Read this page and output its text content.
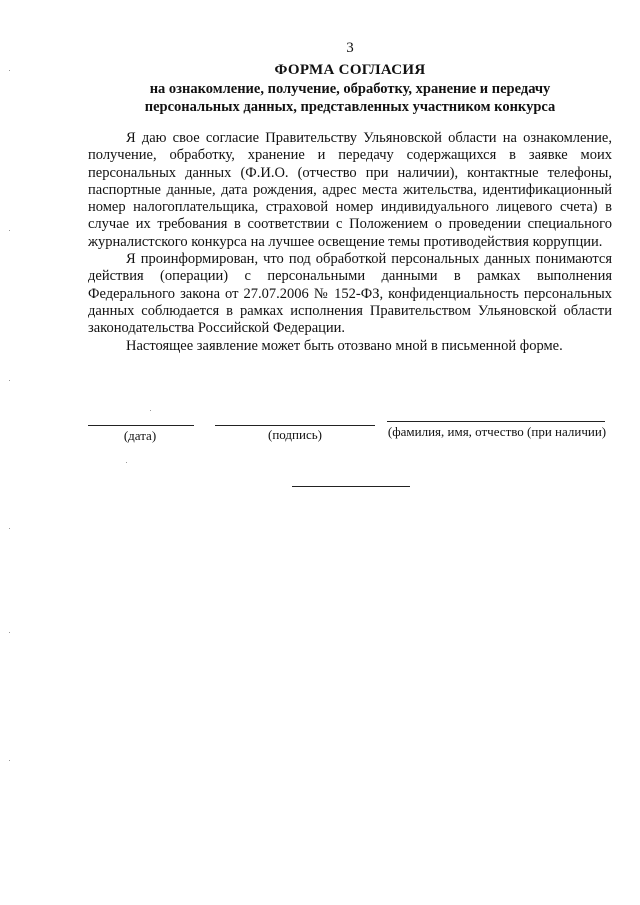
3
ФОРМА СОГЛАСИЯ
на ознакомление, получение, обработку, хранение и передачу
персональных данных, представленных участником конкурса

Я даю свое согласие Правительству Ульяновской области на ознакомление, получение, обработку, хранение и передачу содержащихся в заявке моих персональных данных (Ф.И.О. (отчество при наличии), контактные телефоны, паспортные данные, дата рождения, адрес места жительства, идентификационный номер налогоплательщика, страховой номер индивидуального лицевого счета) в случае их требования в соответствии с Положением о проведении специального журналистского конкурса на лучшее освещение темы противодействия коррупции.

Я проинформирован, что под обработкой персональных данных понимаются действия (операции) с персональными данными в рамках выполнения Федерального закона от 27.07.2006 № 152-ФЗ, конфиденциальность персональных данных соблюдается в рамках исполнения Правительством Ульяновской области законодательства Российской Федерации.

Настоящее заявление может быть отозвано мной в письменной форме.

(дата)	(подпись)	(фамилия, имя, отчество (при наличии)
